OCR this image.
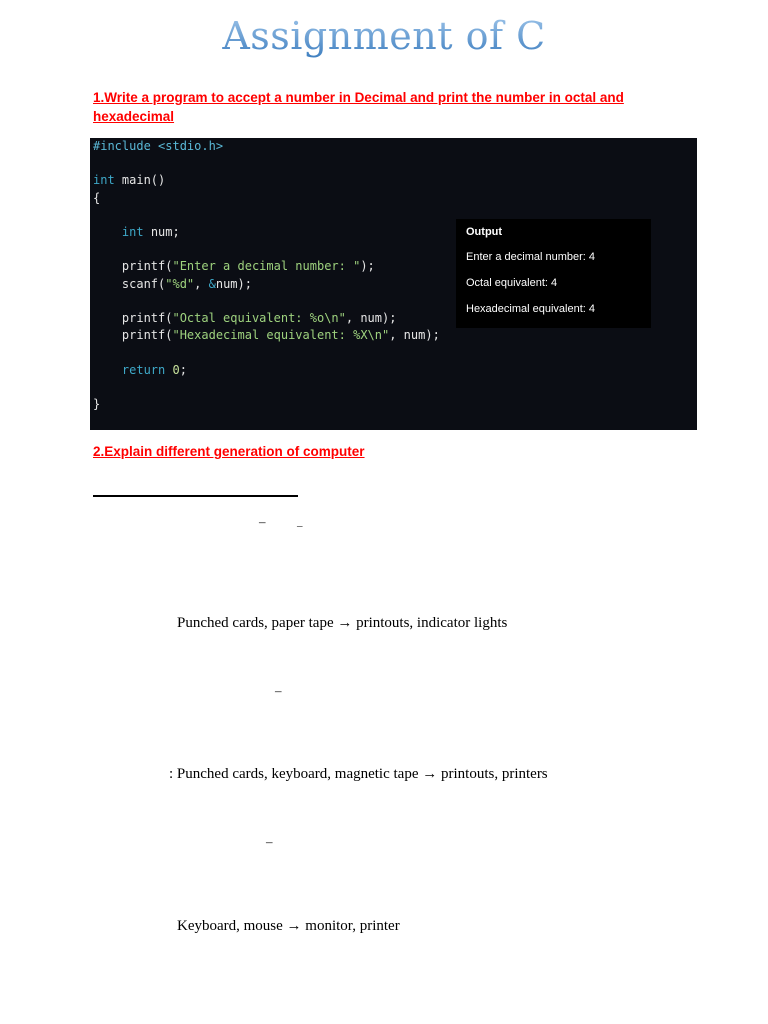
Assignment of C
1.Write a program to accept a number in Decimal and print the number in octal and hexadecimal
#include <stdio.h>

int main()
{

int num;

printf("Enter a decimal number: ");
scanf("%d", &num);

printf("Octal equivalent: %o\n", num);
printf("Hexadecimal equivalent: %X\n", num);

return 0;

}
Output
Enter a decimal number: 4
Octal equivalent: 4
Hexadecimal equivalent: 4
2.Explain different generation of computer
–	–
Punched cards, paper tape → printouts, indicator lights
–
: Punched cards, keyboard, magnetic tape → printouts, printers
–
Keyboard, mouse → monitor, printer
